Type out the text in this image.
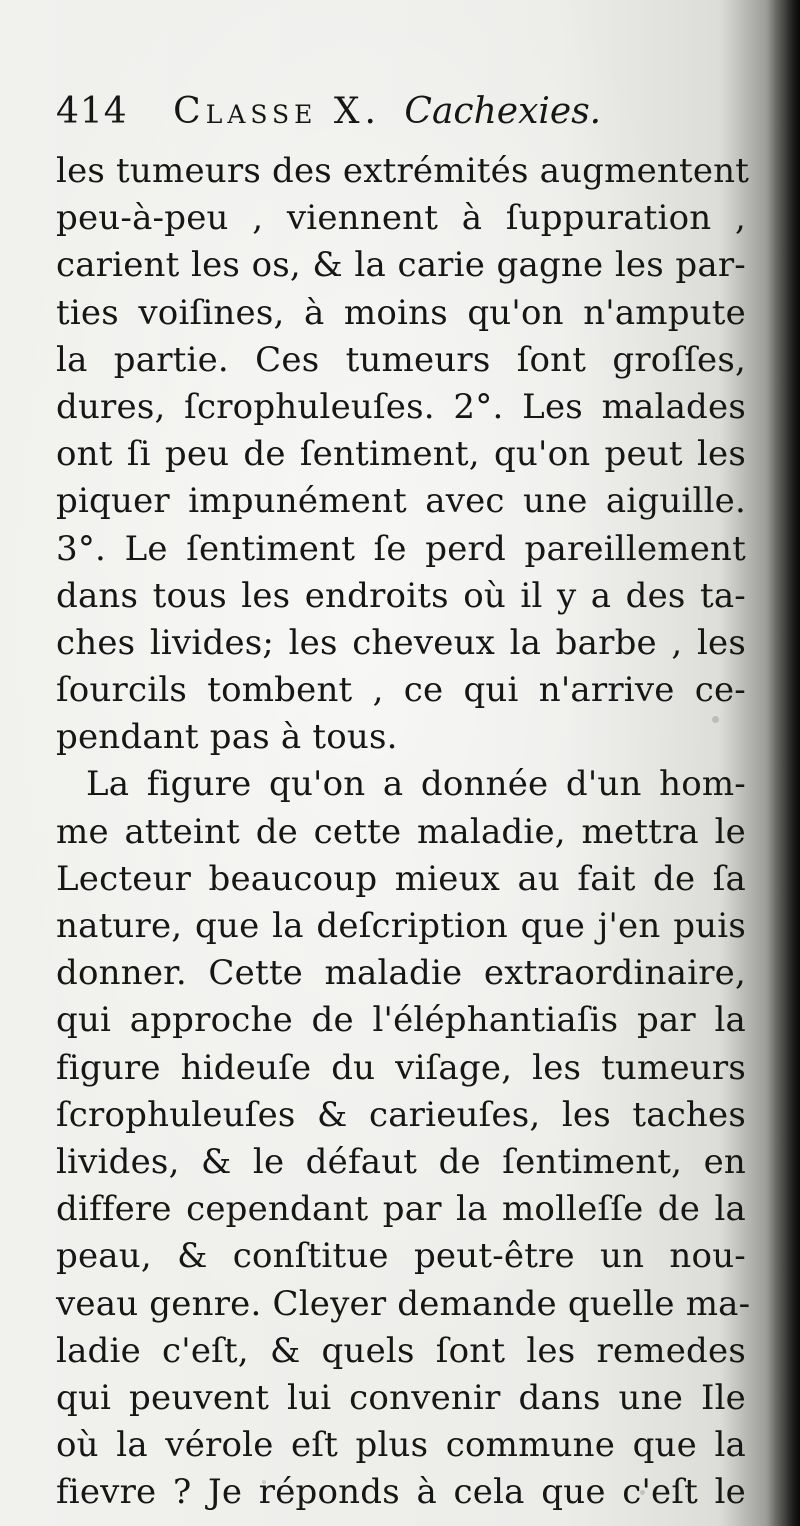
414 Classe X. Cachexies.
les tumeurs des extrémités augmentent
peu-à-peu , viennent à ſuppuration ,
carient les os, & la carie gagne les par-
ties voiſines, à moins qu'on n'ampute
la partie. Ces tumeurs ſont groſſes,
dures, ſcrophuleuſes. 2°. Les malades
ont ſi peu de ſentiment, qu'on peut les
piquer impunément avec une aiguille.
3°. Le ſentiment ſe perd pareillement
dans tous les endroits où il y a des ta-
ches livides; les cheveux la barbe , les
ſourcils tombent , ce qui n'arrive ce-
pendant pas à tous.
La figure qu'on a donnée d'un hom-
me atteint de cette maladie, mettra le
Lecteur beaucoup mieux au fait de ſa
nature, que la deſcription que j'en puis
donner. Cette maladie extraordinaire,
qui approche de l'éléphantiaſis par la
figure hideuſe du viſage, les tumeurs
ſcrophuleuſes & carieuſes, les taches
livides, & le défaut de ſentiment, en
differe cependant par la molleſſe de la
peau, & conſtitue peut-être un nou-
veau genre. Cleyer demande quelle ma-
ladie c'eſt, & quels ſont les remedes
qui peuvent lui convenir dans une Ile
où la vérole eſt plus commune que la
fievre ? Je réponds à cela que c'eſt le
